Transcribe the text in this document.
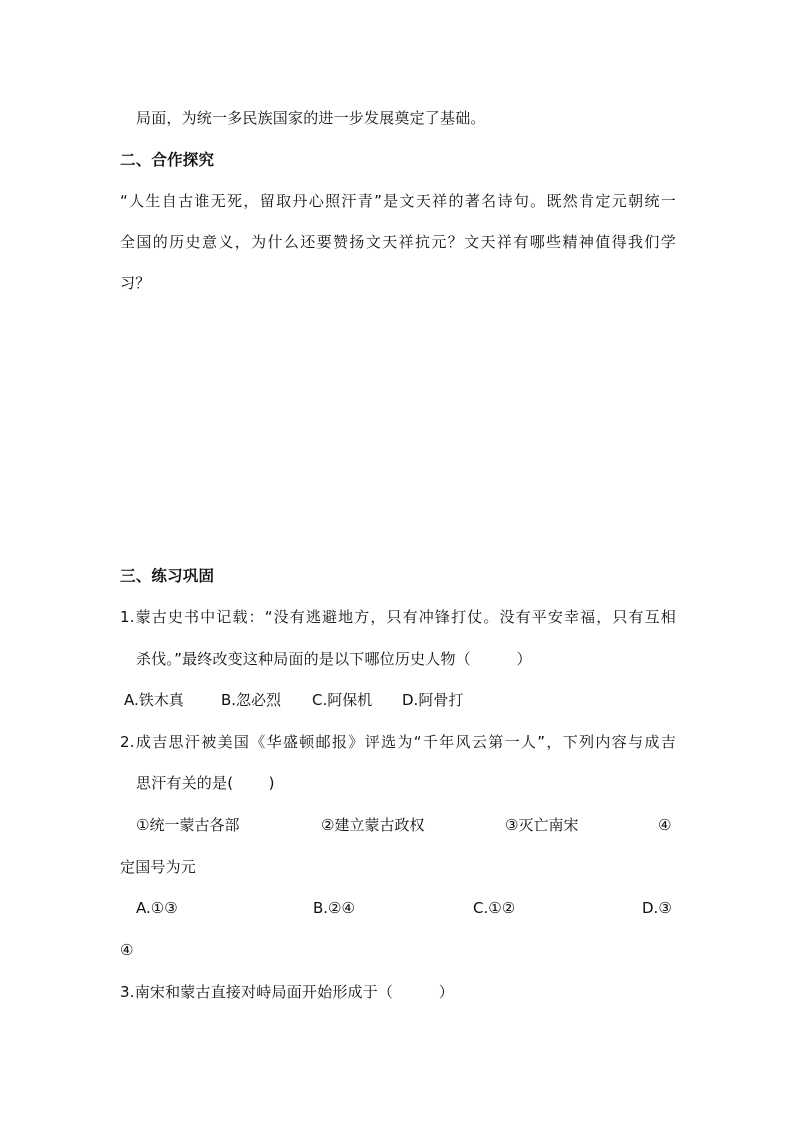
局面，为统一多民族国家的进一步发展奠定了基础。
二、合作探究
“人生自古谁无死，留取丹心照汗青”是文天祥的著名诗句。既然肯定元朝统一
全国的历史意义，为什么还要赞扬文天祥抗元？文天祥有哪些精神值得我们学
习？
三、练习巩固
1.蒙古史书中记载：“没有逃避地方，只有冲锋打仗。没有平安幸福，只有互相
杀伐。”最终改变这种局面的是以下哪位历史人物（　　　）
A.铁木真 B.忽必烈 C.阿保机 D.阿骨打
2.成吉思汗被美国《华盛顿邮报》评选为“千年风云第一人”，下列内容与成吉
思汗有关的是(　　 )
①统一蒙古各部	②建立蒙古政权	③灭亡南宋	④
定国号为元
A.①③	B.②④	C.①②	D.③
④
3.南宋和蒙古直接对峙局面开始形成于（　　　）
